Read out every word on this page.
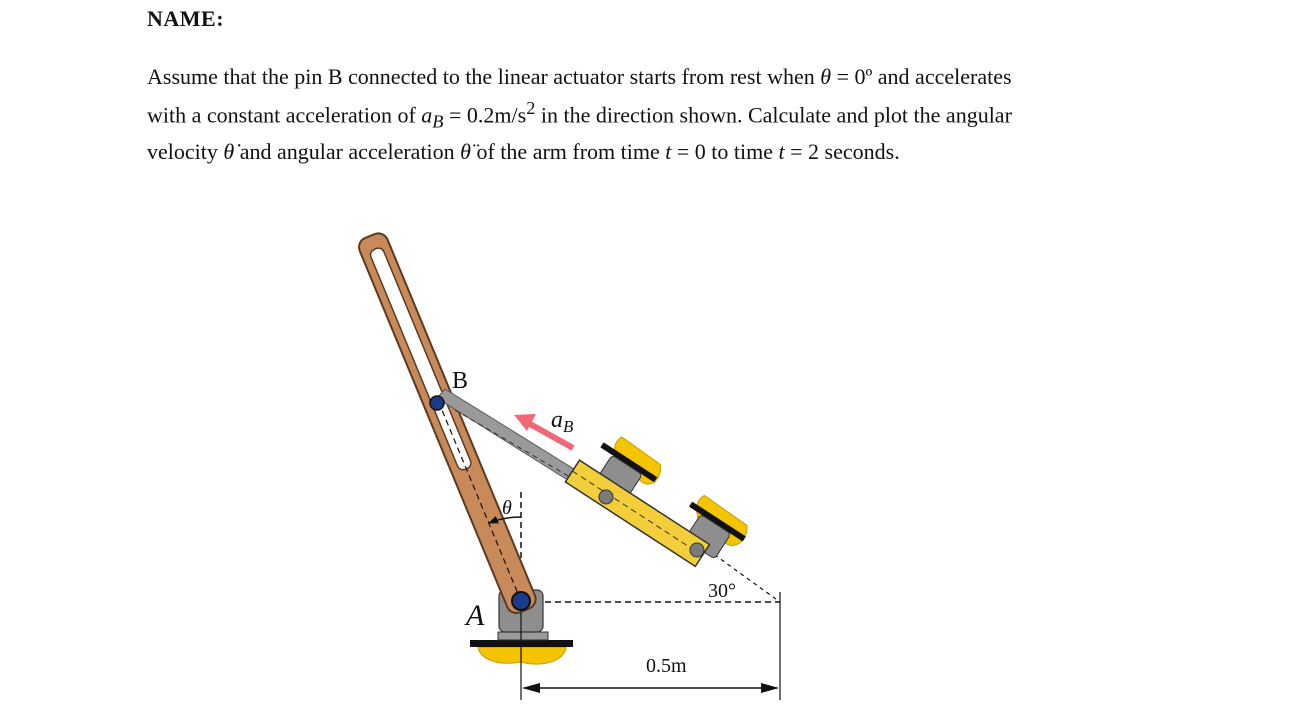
NAME:
Assume that the pin B connected to the linear actuator starts from rest when θ = 0º and accelerates
with a constant acceleration of $a_B = 0.2m/s^2$ in the direction shown. Calculate and plot the angular
velocity θ̇ and angular acceleration θ̈ of the arm from time t = 0 to time t = 2 seconds.
B
$a_B$
θ
A
30°
0.5m
